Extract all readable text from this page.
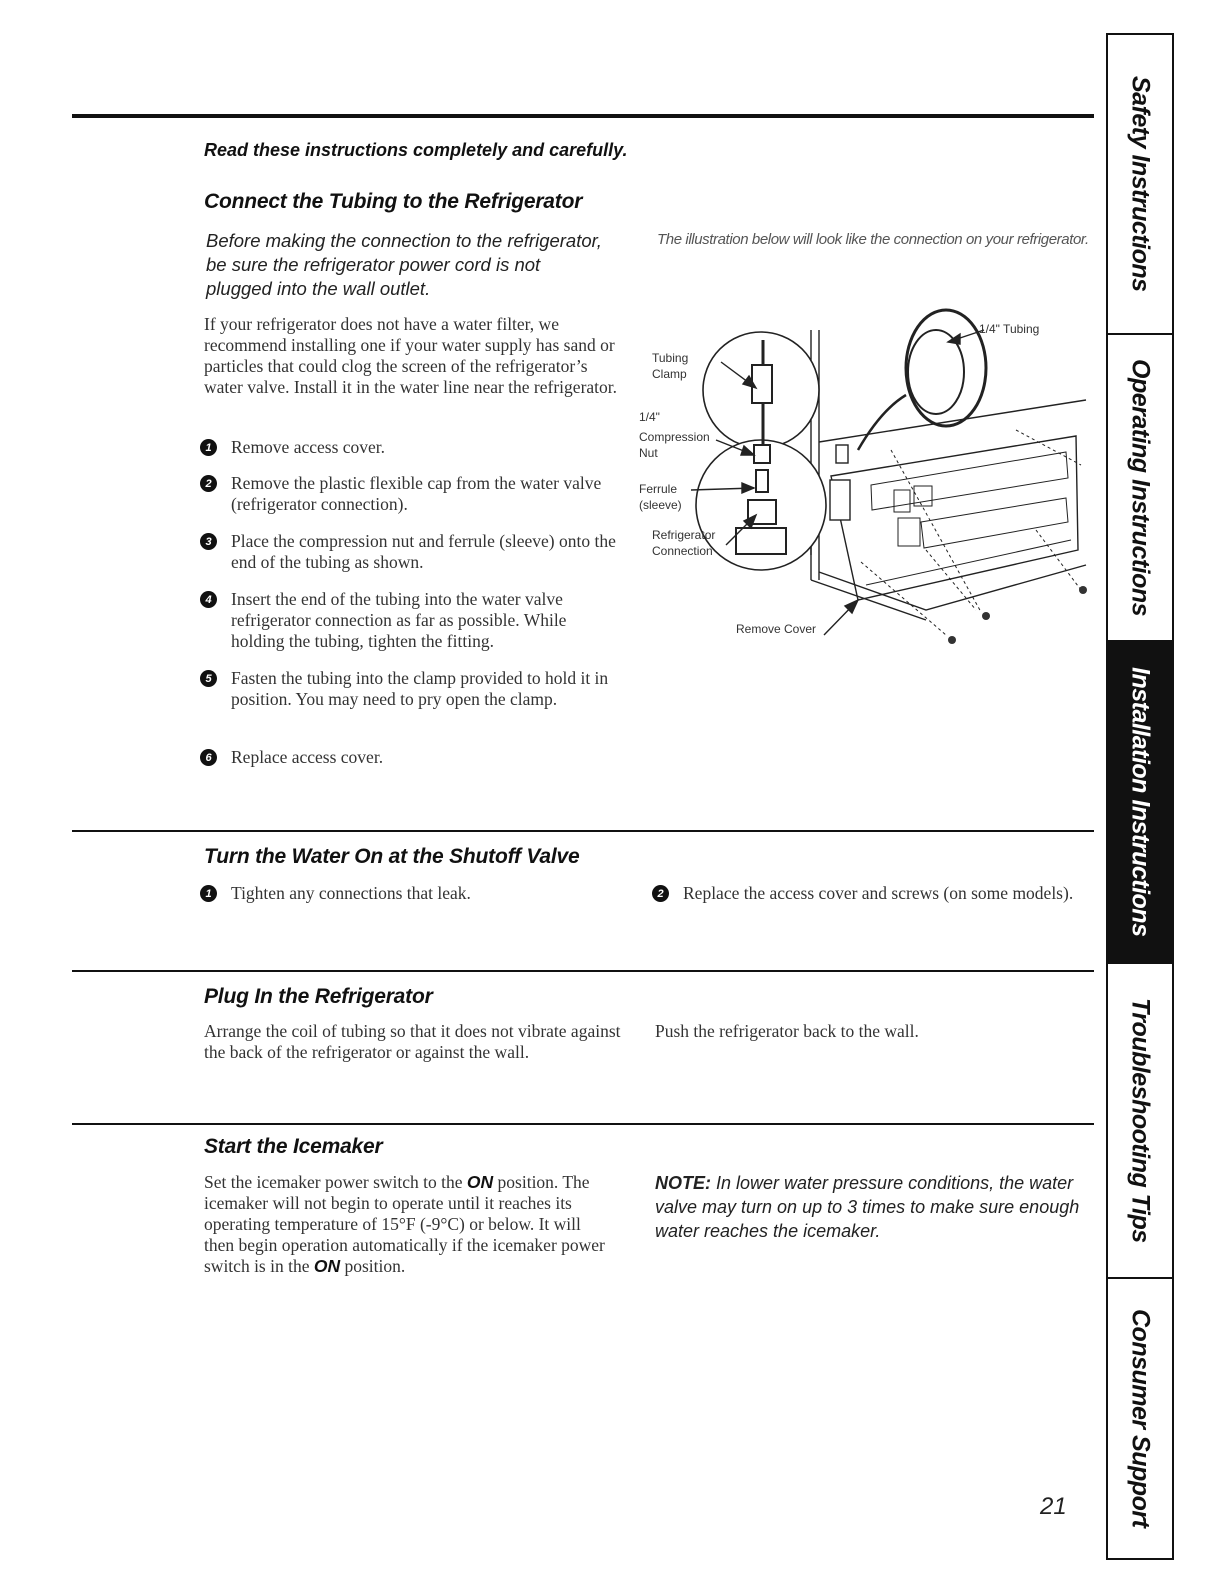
Read these instructions completely and carefully.
Connect the Tubing to the Refrigerator
Before making the connection to the refrigerator, be sure the refrigerator power cord is not plugged into the wall outlet.
If your refrigerator does not have a water filter, we recommend installing one if your water supply has sand or particles that could clog the screen of the refrigerator’s water valve. Install it in the water line near the refrigerator.
1	Remove access cover.
2	Remove the plastic flexible cap from the water valve (refrigerator connection).
3	Place the compression nut and ferrule (sleeve) onto the end of the tubing as shown.
4	Insert the end of the tubing into the water valve refrigerator connection as far as possible. While holding the tubing, tighten the fitting.
5	Fasten the tubing into the clamp provided to hold it in position. You may need to pry open the clamp.
6	Replace access cover.
The illustration below will look like the connection on your refrigerator.
1/4" Tubing
Tubing
Clamp
1/4"
Compression
Nut
Ferrule
(sleeve)
Refrigerator
Connection
Remove Cover
Turn the Water On at the Shutoff Valve
1	Tighten any connections that leak.	2	Replace the access cover and screws (on some models).
Plug In the Refrigerator
Arrange the coil of tubing so that it does not vibrate against the back of the refrigerator or against the wall.
Push the refrigerator back to the wall.
Start the Icemaker
Set the icemaker power switch to the ON position. The icemaker will not begin to operate until it reaches its operating temperature of 15°F (-9°C) or below. It will then begin operation automatically if the icemaker power switch is in the ON position.
NOTE: In lower water pressure conditions, the water valve may turn on up to 3 times to make sure enough water reaches the icemaker.
21
Safety Instructions
Operating Instructions
Installation Instructions
Troubleshooting Tips
Consumer Support
